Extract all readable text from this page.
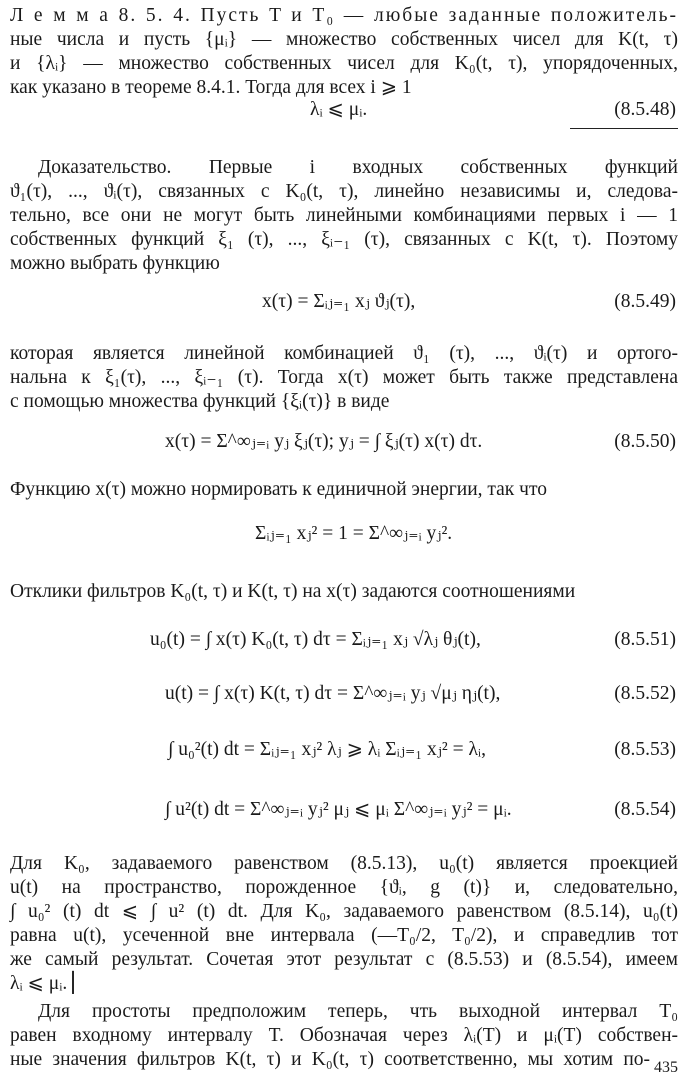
Л е м м а 8. 5. 4. Пусть T и T₀ — любые заданные положитель-
ные числа и пусть {μᵢ} — множество собственных чисел для K(t, τ)
и {λᵢ} — множество собственных чисел для K₀(t, τ), упорядоченных,
как указано в теореме 8.4.1. Тогда для всех i ⩾ 1
λᵢ ⩽ μᵢ.	(8.5.48)
Доказательство. Первые i входных собственных функций
ϑ₁(τ), ..., ϑᵢ(τ), связанных с K₀(t, τ), линейно независимы и, следова-
тельно, все они не могут быть линейными комбинациями первых i — 1
собственных функций ξ₁ (τ), ..., ξᵢ₋₁ (τ), связанных с K(t, τ). Поэтому
можно выбрать функцию
x(τ) = Σᵢⱼ₌₁ xⱼ ϑⱼ(τ),	(8.5.49)
которая является линейной комбинацией ϑ₁ (τ), ..., ϑᵢ(τ) и ортого-
нальна к ξ₁(τ), ..., ξᵢ₋₁ (τ). Тогда x(τ) может быть также представлена
с помощью множества функций {ξᵢ(τ)} в виде
x(τ) = Σ^∞ⱼ₌ᵢ yⱼ ξⱼ(τ); yⱼ = ∫ ξⱼ(τ) x(τ) dτ.	(8.5.50)
Функцию x(τ) можно нормировать к единичной энергии, так что
Σᵢⱼ₌₁ xⱼ² = 1 = Σ^∞ⱼ₌ᵢ yⱼ².
Отклики фильтров K₀(t, τ) и K(t, τ) на x(τ) задаются соотношениями
u₀(t) = ∫ x(τ) K₀(t, τ) dτ = Σᵢⱼ₌₁ xⱼ √λⱼ θⱼ(t),	(8.5.51)
u(t) = ∫ x(τ) K(t, τ) dτ = Σ^∞ⱼ₌ᵢ yⱼ √μⱼ ηⱼ(t),	(8.5.52)
∫ u₀²(t) dt = Σᵢⱼ₌₁ xⱼ² λⱼ ⩾ λᵢ Σᵢⱼ₌₁ xⱼ² = λᵢ,	(8.5.53)
∫ u²(t) dt = Σ^∞ⱼ₌ᵢ yⱼ² μⱼ ⩽ μᵢ Σ^∞ⱼ₌ᵢ yⱼ² = μᵢ.	(8.5.54)
Для K₀, задаваемого равенством (8.5.13), u₀(t) является проекцией
u(t) на пространство, порожденное {ϑᵢ, g (t)} и, следовательно,
∫ u₀² (t) dt ⩽ ∫ u² (t) dt. Для K₀, задаваемого равенством (8.5.14), u₀(t)
равна u(t), усеченной вне интервала (—T₀/2, T₀/2), и справедлив тот
же самый результат. Сочетая этот результат с (8.5.53) и (8.5.54), имеем
λᵢ ⩽ μᵢ. ▏
Для простоты предположим теперь, чть выходной интервал T₀
равен входному интервалу T. Обозначая через λᵢ(T) и μᵢ(T) собствен-
ные значения фильтров K(t, τ) и K₀(t, τ) соответственно, мы хотим по- 435
